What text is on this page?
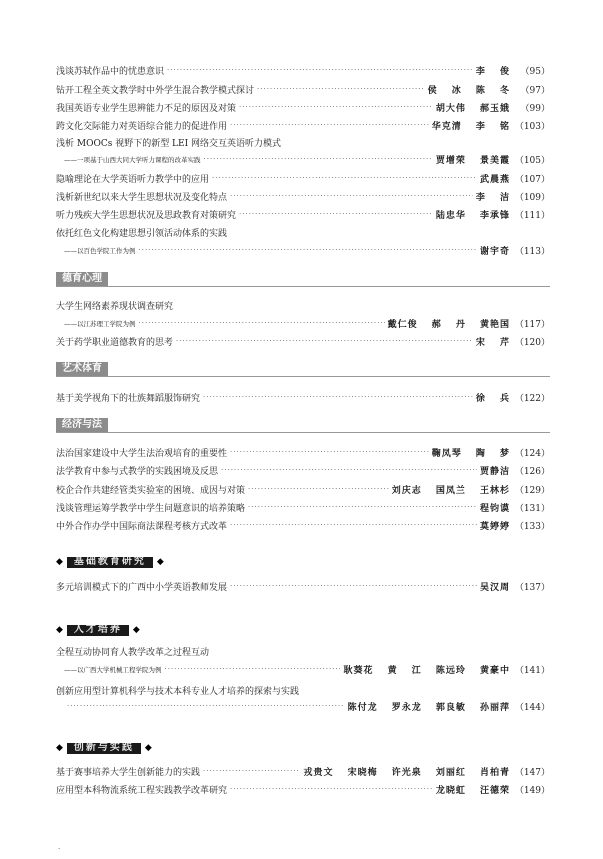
浅谈苏轼作品中的忧患意识 ·····	李 俊	（95）
钻开工程全英文教学时中外学生混合教学模式探讨 ·····	侯 冰 陈 冬	（97）
我国英语专业学生思辨能力不足的原因及对策 ·····	胡大伟 郝玉娥	（99）
跨文化交际能力对英语综合能力的促进作用 ·····	华克清 李 铭 （103）
浅析 MOOCs 视野下的新型 LEI 网络交互英语听力模式
——一项基于山西大同大学听力课程的改革实践 ·····	贾增荣 景美霞 （105）
隐喻理论在大学英语听力教学中的应用 ·····	武晨燕 （107）
浅析新世纪以来大学生思想状况及变化特点 ·····	李 洁 （109）
听力残疾大学生思想状况及思政教育对策研究 ·····	陆忠华 李承锋 （111）
依托红色文化构建思想引领活动体系的实践
——以百色学院工作为例 ·····	谢宇奇 （113）
德育心理
大学生网络素养现状调查研究
——以江苏理工学院为例 ·····	戴仁俊 郝 丹 黄艳国 （117）
关于药学职业道德教育的思考 ·····	宋 芹 （120）
艺术体育
基于美学视角下的壮族舞蹈服饰研究 ·····	徐 兵 （122）
经济与法
法治国家建设中大学生法治观培育的重要性 ·····	鞠凤琴 陶 梦 （124）
法学教育中参与式教学的实践困境及反思 ·····	贾静洁 （126）
校企合作共建经管类实验室的困境、成因与对策 ·····	刘庆志 国凤兰 王林杉 （129）
浅谈管理运筹学教学中学生问题意识的培养策略 ·····	程钧谟 （131）
中外合作办学中国际商法课程考核方式改革 ·····	莫婷婷 （133）
◆	基础教育研究	◆
多元培训模式下的广西中小学英语教师发展 ·····	吴汉周 （137）
◆	人才培养	◆
全程互动协同育人教学改革之过程互动
——以广西大学机械工程学院为例 ·····	耿葵花 黄 江 陈远玲 黄豪中 （141）
创新应用型计算机科学与技术本科专业人才培养的探索与实践
·····
陈付龙 罗永龙 郭良敏 孙丽萍 （144）
◆	创新与实践	◆
基于赛事培养大学生创新能力的实践 ·····	戎贵文 宋晓梅 许光泉 刘丽红 肖柏青 （147）
应用型本科物流系统工程实践教学改革研究 ·····	龙晓虹 汪德荣 （149）
.
